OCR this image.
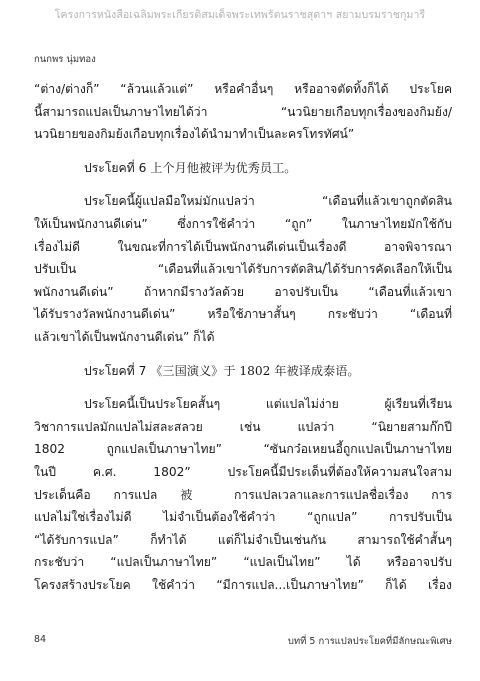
โครงการหนังสือเฉลิมพระเกียรติสมเด็จพระเทพรัตนราชสุดาฯ สยามบรมราชกุมารี
กนกพร นุ่มทอง
“ต่าง/ต่างก็” “ล้วนแล้วแต่” หรือคำอื่นๆ หรืออาจตัดทิ้งก็ได้ ประโยค
นี้สามารถแปลเป็นภาษาไทยได้ว่า “นวนิยายเกือบทุกเรื่องของกิมย้ง/
นวนิยายของกิมย้งเกือบทุกเรื่องได้นำมาทำเป็นละครโทรทัศน์”
ประโยคที่ 6 上个月他被评为优秀员工。
ประโยคนี้ผู้แปลมือใหม่มักแปลว่า “เดือนที่แล้วเขาถูกตัดสิน
ให้เป็นพนักงานดีเด่น” ซึ่งการใช้คำว่า “ถูก” ในภาษาไทยมักใช้กับ
เรื่องไม่ดี ในขณะที่การได้เป็นพนักงานดีเด่นเป็นเรื่องดี อาจพิจารณา
ปรับเป็น “เดือนที่แล้วเขาได้รับการตัดสิน/ได้รับการคัดเลือกให้เป็น
พนักงานดีเด่น” ถ้าหากมีรางวัลด้วย อาจปรับเป็น “เดือนที่แล้วเขา
ได้รับรางวัลพนักงานดีเด่น” หรือใช้ภาษาสั้นๆ กระชับว่า “เดือนที่
แล้วเขาได้เป็นพนักงานดีเด่น” ก็ได้
ประโยคที่ 7 《三国演义》于 1802 年被译成泰语。
ประโยคนี้เป็นประโยคสั้นๆ แต่แปลไม่ง่าย ผู้เรียนที่เรียน
วิชาการแปลมักแปลไม่สละสลวย เช่น แปลว่า “นิยายสามก๊กปี
1802 ถูกแปลเป็นภาษาไทย” “ซันกว๋อเหยนอี้ถูกแปลเป็นภาษาไทย
ในปี ค.ศ. 1802” ประโยคนี้มีประเด็นที่ต้องให้ความสนใจสาม
ประเด็นคือ การแปล 被 การแปลเวลาและการแปลชื่อเรื่อง การ
แปลไม่ใช่เรื่องไม่ดี ไม่จำเป็นต้องใช้คำว่า “ถูกแปล” การปรับเป็น
“ได้รับการแปล” ก็ทำได้ แต่ก็ไม่จำเป็นเช่นกัน สามารถใช้คำสั้นๆ
กระชับว่า “แปลเป็นภาษาไทย” “แปลเป็นไทย” ได้ หรืออาจปรับ
โครงสร้างประโยค ใช้คำว่า “มีการแปล...เป็นภาษาไทย” ก็ได้ เรื่อง
84	บทที่ 5 การแปลประโยคที่มีลักษณะพิเศษ
